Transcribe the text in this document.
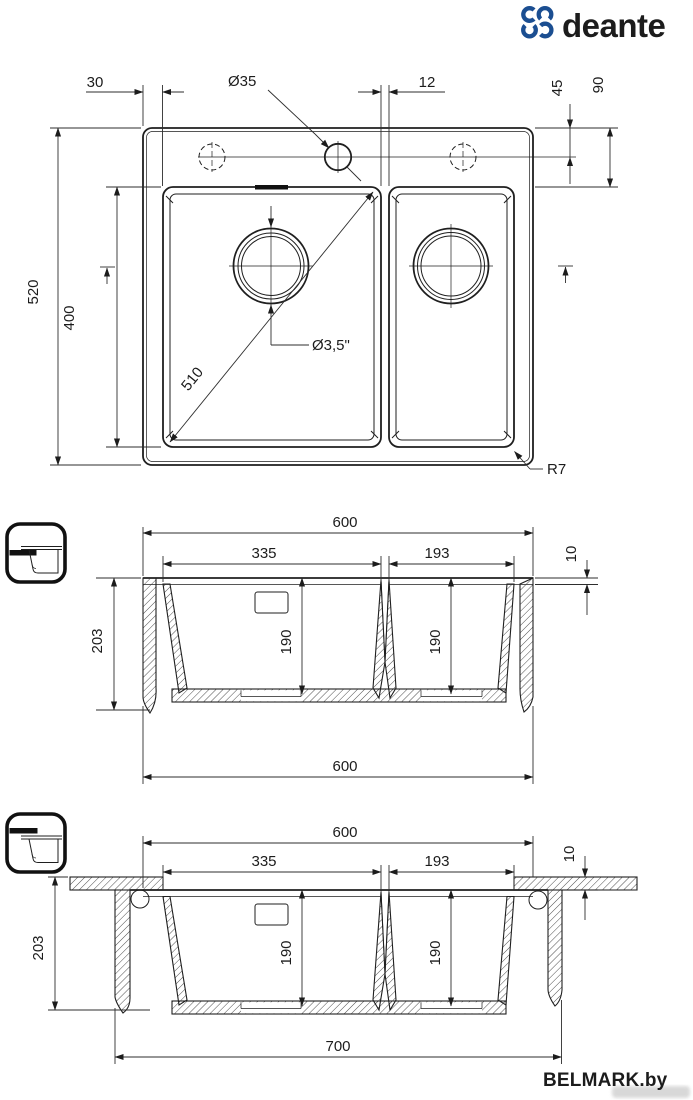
deante
30	Ø35	12	45 90
520
400
Ø3,5"
510
R7
600
335	193	10
203	190	190
600
600
335	193	10
203	190	190
700
BELMARK.by
